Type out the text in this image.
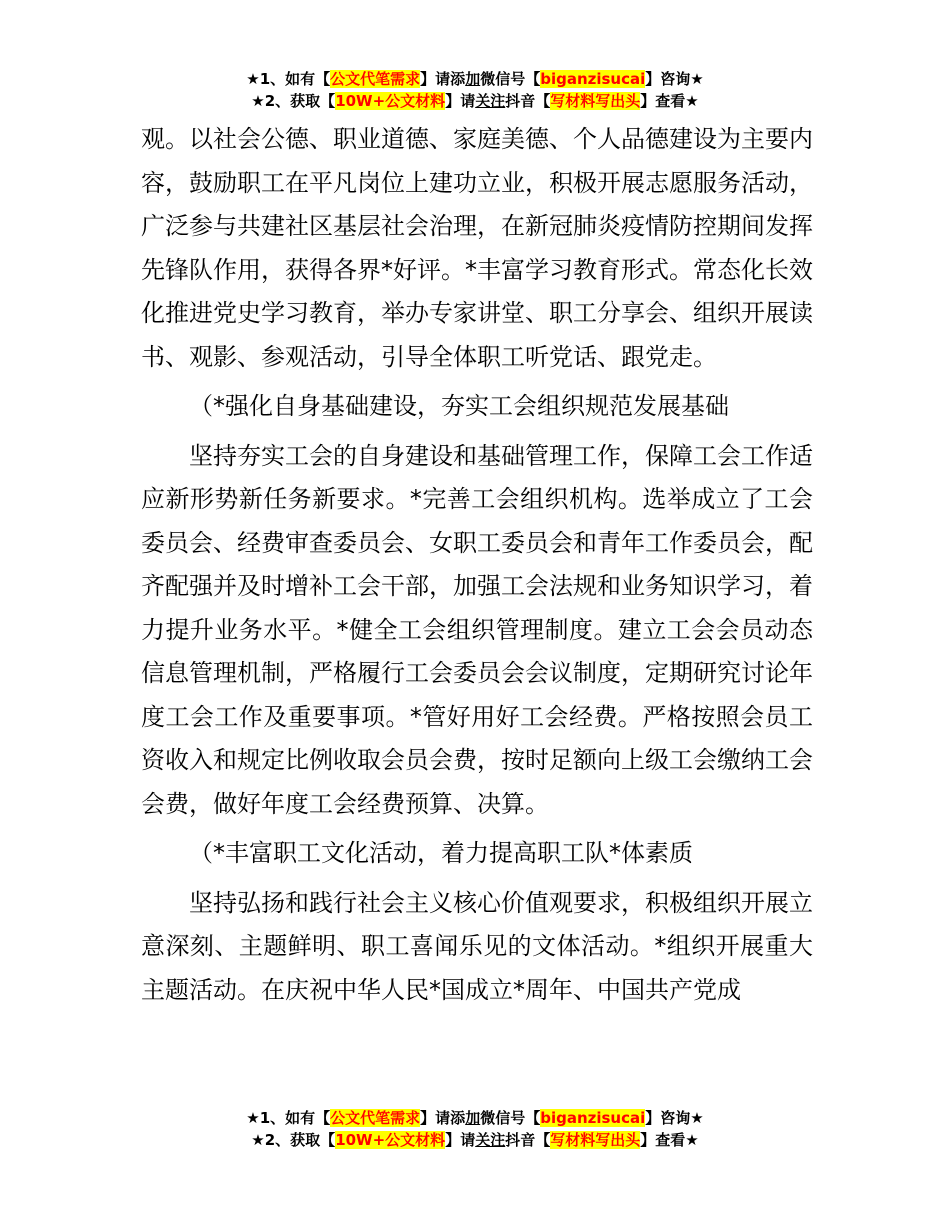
★1、如有【公文代笔需求】请添加微信号【biganzisucai】咨询★
★2、获取【10W+公文材料】请关注抖音【写材料写出头】查看★

观。以社会公德、职业道德、家庭美德、个人品德建设为主要内容，鼓励职工在平凡岗位上建功立业，积极开展志愿服务活动，广泛参与共建社区基层社会治理，在新冠肺炎疫情防控期间发挥先锋队作用，获得各界*好评。*丰富学习教育形式。常态化长效化推进党史学习教育，举办专家讲堂、职工分享会、组织开展读书、观影、参观活动，引导全体职工听党话、跟党走。

（*强化自身基础建设，夯实工会组织规范发展基础

坚持夯实工会的自身建设和基础管理工作，保障工会工作适应新形势新任务新要求。*完善工会组织机构。选举成立了工会委员会、经费审查委员会、女职工委员会和青年工作委员会，配齐配强并及时增补工会干部，加强工会法规和业务知识学习，着力提升业务水平。*健全工会组织管理制度。建立工会会员动态信息管理机制，严格履行工会委员会会议制度，定期研究讨论年度工会工作及重要事项。*管好用好工会经费。严格按照会员工资收入和规定比例收取会员会费，按时足额向上级工会缴纳工会会费，做好年度工会经费预算、决算。

（*丰富职工文化活动，着力提高职工队*体素质

坚持弘扬和践行社会主义核心价值观要求，积极组织开展立意深刻、主题鲜明、职工喜闻乐见的文体活动。*组织开展重大主题活动。在庆祝中华人民*国成立*周年、中国共产党成

★1、如有【公文代笔需求】请添加微信号【biganzisucai】咨询★
★2、获取【10W+公文材料】请关注抖音【写材料写出头】查看★
